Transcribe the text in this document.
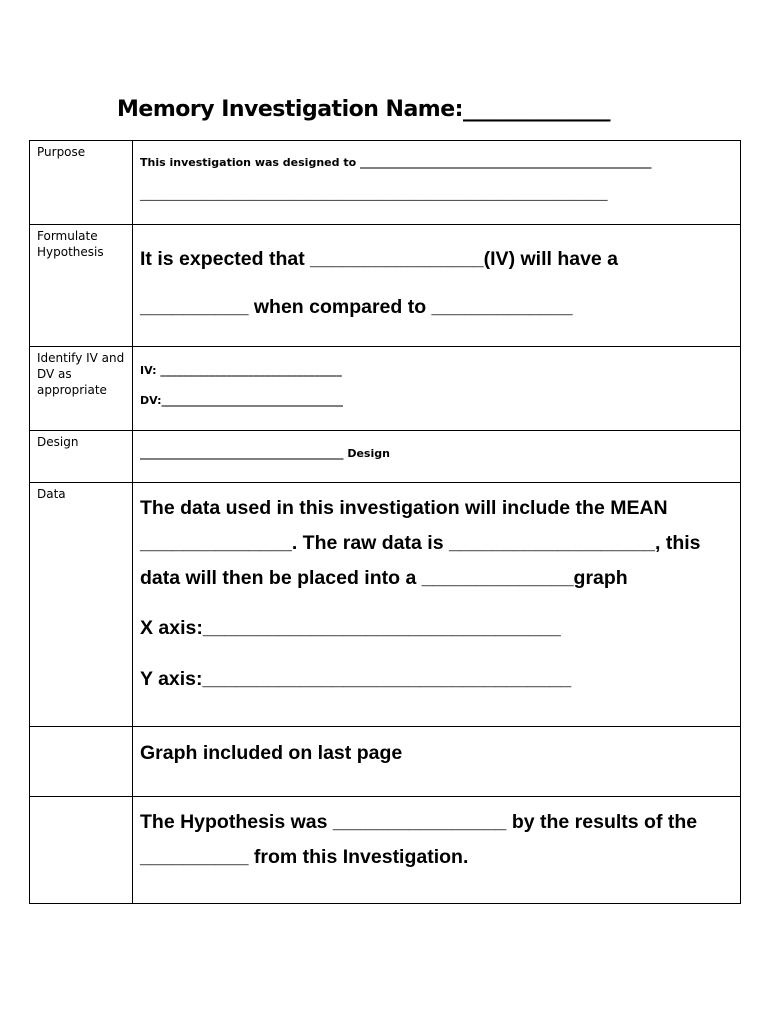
Memory Investigation Name:______________
Purpose	This investigation was designed to _____________________________________________________
_____________________________________________________________________________________

Formulate Hypothesis	It is expected that ________________(IV) will have a
__________ when compared to _____________

Identify IV and DV as appropriate	IV: _________________________________
DV:_________________________________

Design	_____________________________________ Design

Data	The data used in this investigation will include the MEAN
______________. The raw data is ___________________, this
data will then be placed into a ______________graph
X axis:_________________________________
Y axis:__________________________________

	Graph included on last page

	The Hypothesis was ________________ by the results of the
__________ from this Investigation.
